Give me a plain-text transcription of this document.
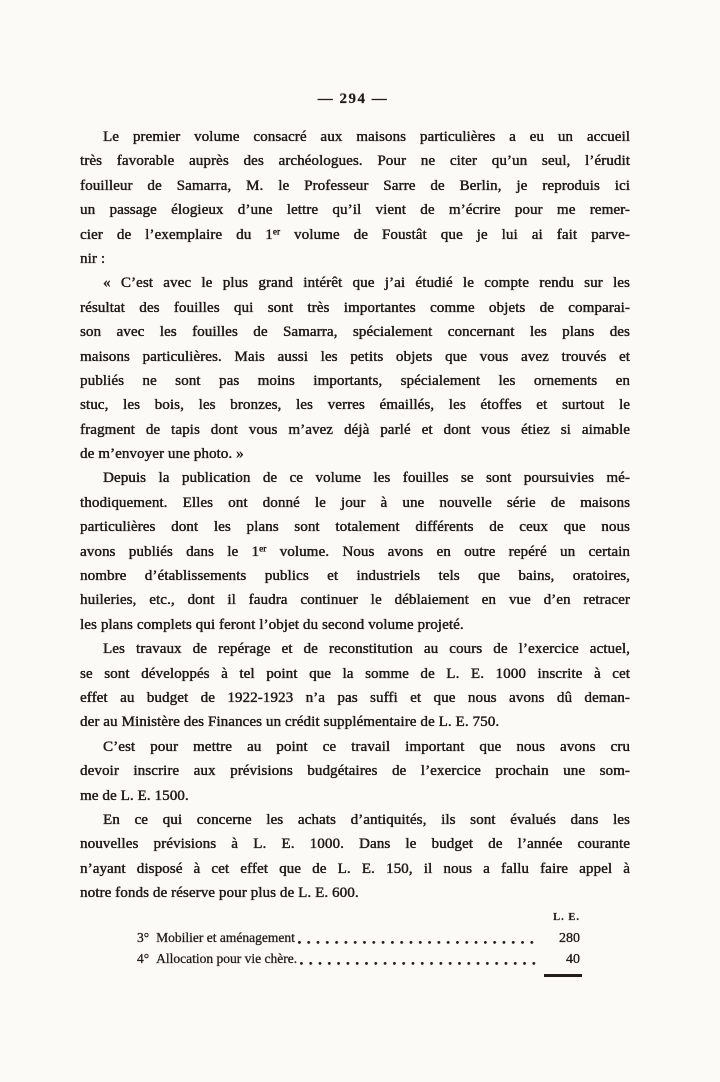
— 294 —
Le premier volume consacré aux maisons particulières a eu un accueil
très favorable auprès des archéologues. Pour ne citer qu’un seul, l’érudit
fouilleur de Samarra, M. le Professeur Sarre de Berlin, je reproduis ici
un passage élogieux d’une lettre qu’il vient de m’écrire pour me remer-
cier de l’exemplaire du 1er volume de Foustât que je lui ai fait parve-
nir :
« C’est avec le plus grand intérêt que j’ai étudié le compte rendu sur les
résultat des fouilles qui sont très importantes comme objets de comparai-
son avec les fouilles de Samarra, spécialement concernant les plans des
maisons particulières. Mais aussi les petits objets que vous avez trouvés et
publiés ne sont pas moins importants, spécialement les ornements en
stuc, les bois, les bronzes, les verres émaillés, les étoffes et surtout le
fragment de tapis dont vous m’avez déjà parlé et dont vous étiez si aimable
de m’envoyer une photo. »
Depuis la publication de ce volume les fouilles se sont poursuivies mé-
thodiquement. Elles ont donné le jour à une nouvelle série de maisons
particulières dont les plans sont totalement différents de ceux que nous
avons publiés dans le 1er volume. Nous avons en outre repéré un certain
nombre d’établissements publics et industriels tels que bains, oratoires,
huileries, etc., dont il faudra continuer le déblaiement en vue d’en retracer
les plans complets qui feront l’objet du second volume projeté.
Les travaux de repérage et de reconstitution au cours de l’exercice actuel,
se sont développés à tel point que la somme de L. E. 1000 inscrite à cet
effet au budget de 1922-1923 n’a pas suffi et que nous avons dû deman-
der au Ministère des Finances un crédit supplémentaire de L. E. 750.
C’est pour mettre au point ce travail important que nous avons cru
devoir inscrire aux prévisions budgétaires de l’exercice prochain une som-
me de L. E. 1500.
En ce qui concerne les achats d’antiquités, ils sont évalués dans les
nouvelles prévisions à L. E. 1000. Dans le budget de l’année courante
n’ayant disposé à cet effet que de L. E. 150, il nous a fallu faire appel à
notre fonds de réserve pour plus de L. E. 600.
L. E.
3° Mobilier et aménagement	280
4° Allocation pour vie chère.	40
